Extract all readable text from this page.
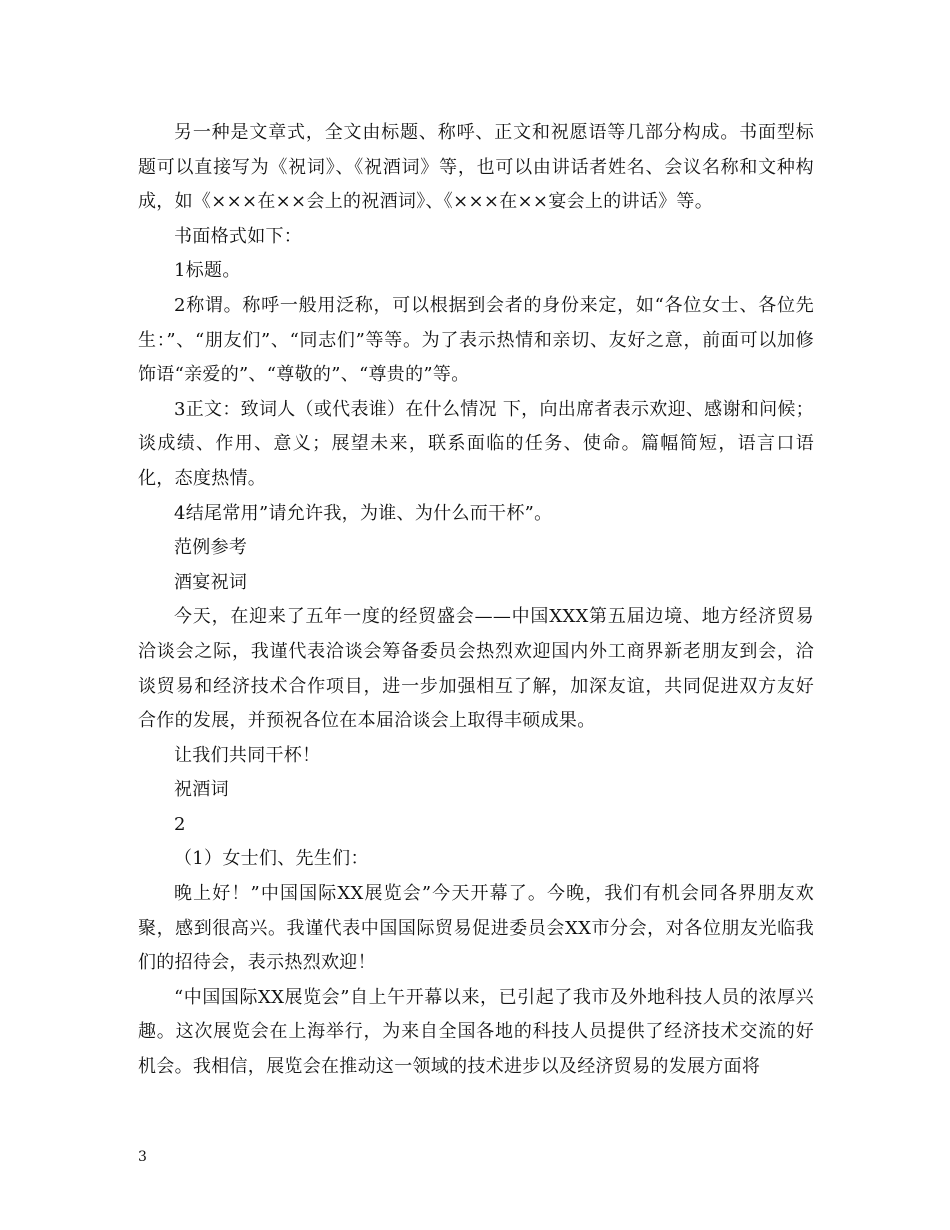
另一种是文章式，全文由标题、称呼、正文和祝愿语等几部分构成。书面型标题可以直接写为《祝词》、《祝酒词》等，也可以由讲话者姓名、会议名称和文种构成，如《×××在××会上的祝酒词》、《×××在××宴会上的讲话》等。

书面格式如下：

1标题。

2称谓。称呼一般用泛称，可以根据到会者的身份来定，如“各位女士、各位先生：”、“朋友们”、“同志们”等等。为了表示热情和亲切、友好之意，前面可以加修饰语“亲爱的”、“尊敬的”、“尊贵的”等。

3正文：致词人（或代表谁）在什么情况 下，向出席者表示欢迎、感谢和问候；谈成绩、作用、意义；展望未来，联系面临的任务、使命。篇幅简短，语言口语化，态度热情。

4结尾常用”请允许我，为谁、为什么而干杯”。

范例参考

酒宴祝词

今天，在迎来了五年一度的经贸盛会——中国XXX第五届边境、地方经济贸易洽谈会之际，我谨代表洽谈会筹备委员会热烈欢迎国内外工商界新老朋友到会，洽谈贸易和经济技术合作项目，进一步加强相互了解，加深友谊，共同促进双方友好合作的发展，并预祝各位在本届洽谈会上取得丰硕成果。

让我们共同干杯！

祝酒词

2

（1）女士们、先生们：

晚上好！”中国国际XX展览会”今天开幕了。今晚，我们有机会同各界朋友欢聚，感到很高兴。我谨代表中国国际贸易促进委员会XX市分会，对各位朋友光临我们的招待会，表示热烈欢迎！

“中国国际XX展览会”自上午开幕以来，已引起了我市及外地科技人员的浓厚兴趣。这次展览会在上海举行，为来自全国各地的科技人员提供了经济技术交流的好机会。我相信，展览会在推动这一领域的技术进步以及经济贸易的发展方面将

3
